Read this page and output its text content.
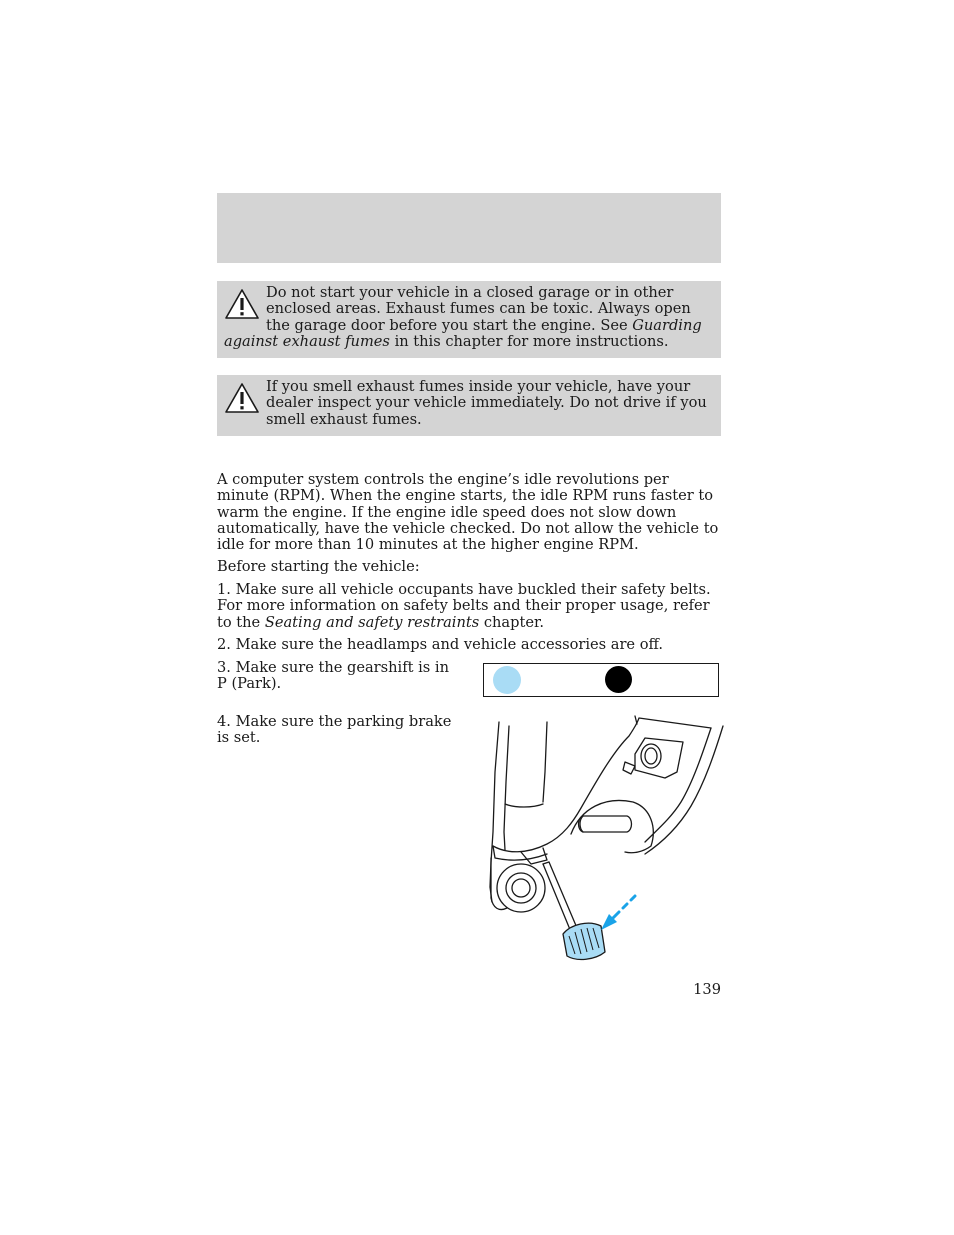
Do not start your vehicle in a closed garage or in other enclosed areas. Exhaust fumes can be toxic. Always open the garage door before you start the engine. See Guarding against exhaust fumes in this chapter for more instructions.
If you smell exhaust fumes inside your vehicle, have your dealer inspect your vehicle immediately. Do not drive if you smell exhaust fumes.

A computer system controls the engine’s idle revolutions per minute (RPM). When the engine starts, the idle RPM runs faster to warm the engine. If the engine idle speed does not slow down automatically, have the vehicle checked. Do not allow the vehicle to idle for more than 10 minutes at the higher engine RPM.

Before starting the vehicle:

1. Make sure all vehicle occupants have buckled their safety belts. For more information on safety belts and their proper usage, refer to the Seating and safety restraints chapter.

2. Make sure the headlamps and vehicle accessories are off.

3. Make sure the gearshift is in P (Park).

4. Make sure the parking brake is set.

139
